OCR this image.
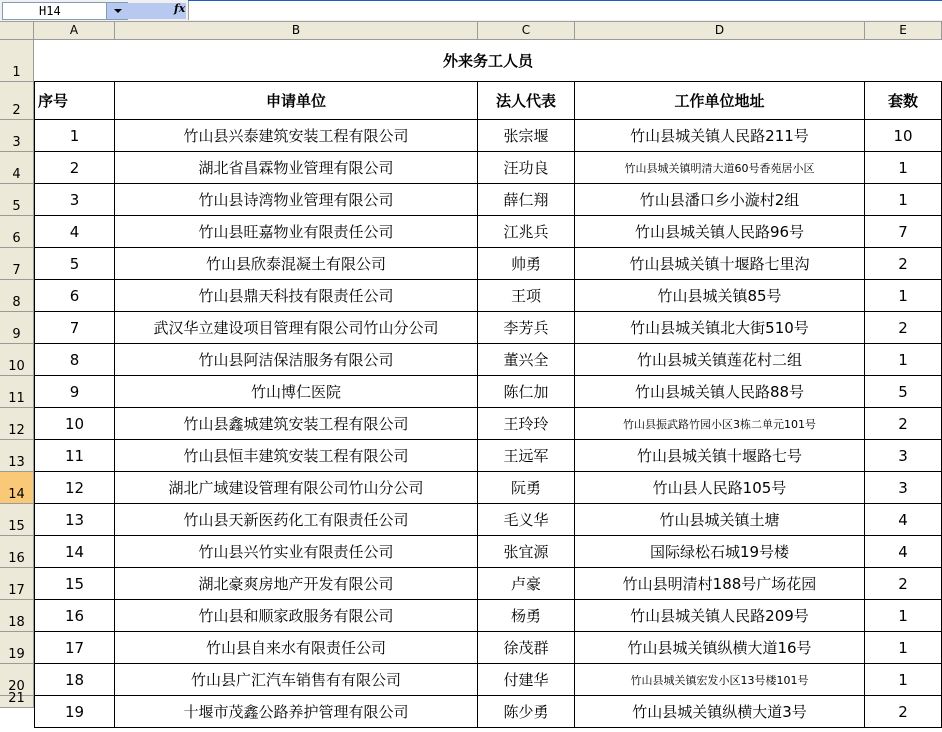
H14	fx
A	B	C	D	E
1
2
3
4
5
6
7
8
9
10
11
12
13
14
15
16
17
18
19
20
21
外来务工人员
序号	申请单位	法人代表	工作单位地址	套数
1	竹山县兴泰建筑安装工程有限公司	张宗堰	竹山县城关镇人民路211号	10
2	湖北省昌霖物业管理有限公司	汪功良	竹山县城关镇明清大道60号香苑居小区	1
3	竹山县诗湾物业管理有限公司	薛仁翔	竹山县潘口乡小漩村2组	1
4	竹山县旺嘉物业有限责任公司	江兆兵	竹山县城关镇人民路96号	7
5	竹山县欣泰混凝土有限公司	帅勇	竹山县城关镇十堰路七里沟	2
6	竹山县鼎天科技有限责任公司	王项	竹山县城关镇85号	1
7	武汉华立建设项目管理有限公司竹山分公司	李芳兵	竹山县城关镇北大街510号	2
8	竹山县阿洁保洁服务有限公司	董兴全	竹山县城关镇莲花村二组	1
9	竹山博仁医院	陈仁加	竹山县城关镇人民路88号	5
10	竹山县鑫城建筑安装工程有限公司	王玲玲	竹山县振武路竹园小区3栋二单元101号	2
11	竹山县恒丰建筑安装工程有限公司	王远军	竹山县城关镇十堰路七号	3
12	湖北广域建设管理有限公司竹山分公司	阮勇	竹山县人民路105号	3
13	竹山县天新医药化工有限责任公司	毛义华	竹山县城关镇土塘	4
14	竹山县兴竹实业有限责任公司	张宜源	国际绿松石城19号楼	4
15	湖北豪爽房地产开发有限公司	卢豪	竹山县明清村188号广场花园	2
16	竹山县和顺家政服务有限公司	杨勇	竹山县城关镇人民路209号	1
17	竹山县自来水有限责任公司	徐茂群	竹山县城关镇纵横大道16号	1
18	竹山县广汇汽车销售有有限公司	付建华	竹山县城关镇宏发小区13号楼101号	1
19	十堰市茂鑫公路养护管理有限公司	陈少勇	竹山县城关镇纵横大道3号	2
